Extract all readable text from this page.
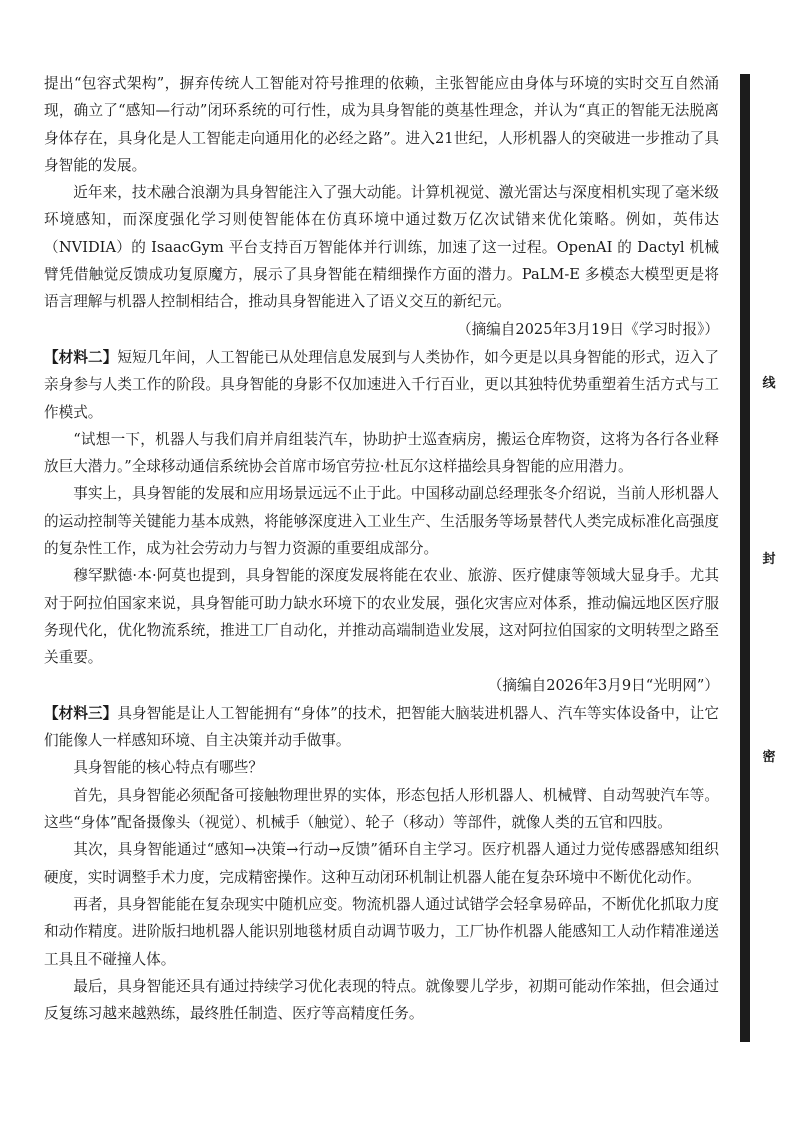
提出“包容式架构”，摒弃传统人工智能对符号推理的依赖，主张智能应由身体与环境的实时交互自然涌现，确立了“感知—行动”闭环系统的可行性，成为具身智能的奠基性理念，并认为“真正的智能无法脱离身体存在，具身化是人工智能走向通用化的必经之路”。进入21世纪，人形机器人的突破进一步推动了具身智能的发展。

近年来，技术融合浪潮为具身智能注入了强大动能。计算机视觉、激光雷达与深度相机实现了毫米级环境感知，而深度强化学习则使智能体在仿真环境中通过数万亿次试错来优化策略。例如，英伟达（NVIDIA）的 IsaacGym 平台支持百万智能体并行训练，加速了这一过程。OpenAI 的 Dactyl 机械臂凭借触觉反馈成功复原魔方，展示了具身智能在精细操作方面的潜力。PaLM-E 多模态大模型更是将语言理解与机器人控制相结合，推动具身智能进入了语义交互的新纪元。

（摘编自2025年3月19日《学习时报》）

【材料二】短短几年间，人工智能已从处理信息发展到与人类协作，如今更是以具身智能的形式，迈入了亲身参与人类工作的阶段。具身智能的身影不仅加速进入千行百业，更以其独特优势重塑着生活方式与工作模式。

“试想一下，机器人与我们肩并肩组装汽车，协助护士巡查病房，搬运仓库物资，这将为各行各业释放巨大潜力。”全球移动通信系统协会首席市场官劳拉·杜瓦尔这样描绘具身智能的应用潜力。

事实上，具身智能的发展和应用场景远远不止于此。中国移动副总经理张冬介绍说，当前人形机器人的运动控制等关键能力基本成熟，将能够深度进入工业生产、生活服务等场景替代人类完成标准化高强度的复杂性工作，成为社会劳动力与智力资源的重要组成部分。

穆罕默德·本·阿莫也提到，具身智能的深度发展将能在农业、旅游、医疗健康等领域大显身手。尤其对于阿拉伯国家来说，具身智能可助力缺水环境下的农业发展，强化灾害应对体系，推动偏远地区医疗服务现代化，优化物流系统，推进工厂自动化，并推动高端制造业发展，这对阿拉伯国家的文明转型之路至关重要。

（摘编自2026年3月9日“光明网”）

【材料三】具身智能是让人工智能拥有“身体”的技术，把智能大脑装进机器人、汽车等实体设备中，让它们能像人一样感知环境、自主决策并动手做事。

具身智能的核心特点有哪些？

首先，具身智能必须配备可接触物理世界的实体，形态包括人形机器人、机械臂、自动驾驶汽车等。这些“身体”配备摄像头（视觉）、机械手（触觉）、轮子（移动）等部件，就像人类的五官和四肢。

其次，具身智能通过“感知→决策→行动→反馈”循环自主学习。医疗机器人通过力觉传感器感知组织硬度，实时调整手术力度，完成精密操作。这种互动闭环机制让机器人能在复杂环境中不断优化动作。

再者，具身智能能在复杂现实中随机应变。物流机器人通过试错学会轻拿易碎品，不断优化抓取力度和动作精度。进阶版扫地机器人能识别地毯材质自动调节吸力，工厂协作机器人能感知工人动作精准递送工具且不碰撞人体。

最后，具身智能还具有通过持续学习优化表现的特点。就像婴儿学步，初期可能动作笨拙，但会通过反复练习越来越熟练，最终胜任制造、医疗等高精度任务。

线
封
密
